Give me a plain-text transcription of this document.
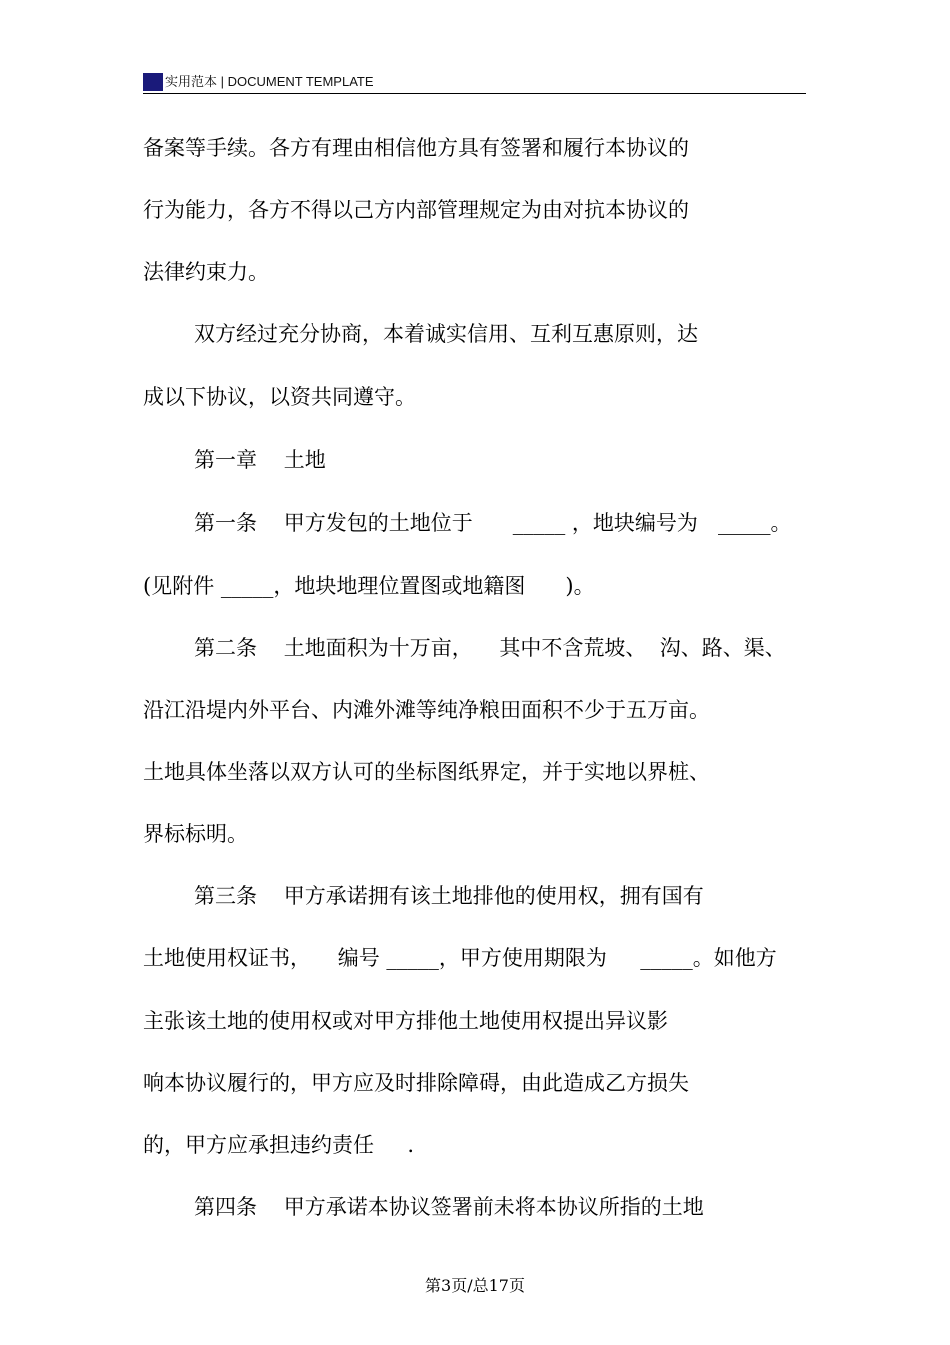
实用范本 | DOCUMENT TEMPLATE
备案等手续。各方有理由相信他方具有签署和履行本协议的
行为能力，各方不得以己方内部管理规定为由对抗本协议的
法律约束力。
双方经过充分协商，本着诚实信用、互利互惠原则，达
成以下协议，以资共同遵守。
第一章    土地
第一条    甲方发包的土地位于      _____ ，地块编号为   _____。
(见附件 _____，地块地理位置图或地籍图      )。
第二条    土地面积为十万亩，    其中不含荒坡、  沟、路、渠、
沿江沿堤内外平台、内滩外滩等纯净粮田面积不少于五万亩。
土地具体坐落以双方认可的坐标图纸界定，并于实地以界桩、
界标标明。
第三条    甲方承诺拥有该土地排他的使用权，拥有国有
土地使用权证书，    编号 _____，甲方使用期限为     _____。如他方
主张该土地的使用权或对甲方排他土地使用权提出异议影
响本协议履行的，甲方应及时排除障碍，由此造成乙方损失
的，甲方应承担违约责任     .
第四条    甲方承诺本协议签署前未将本协议所指的土地
第3页/总17页
